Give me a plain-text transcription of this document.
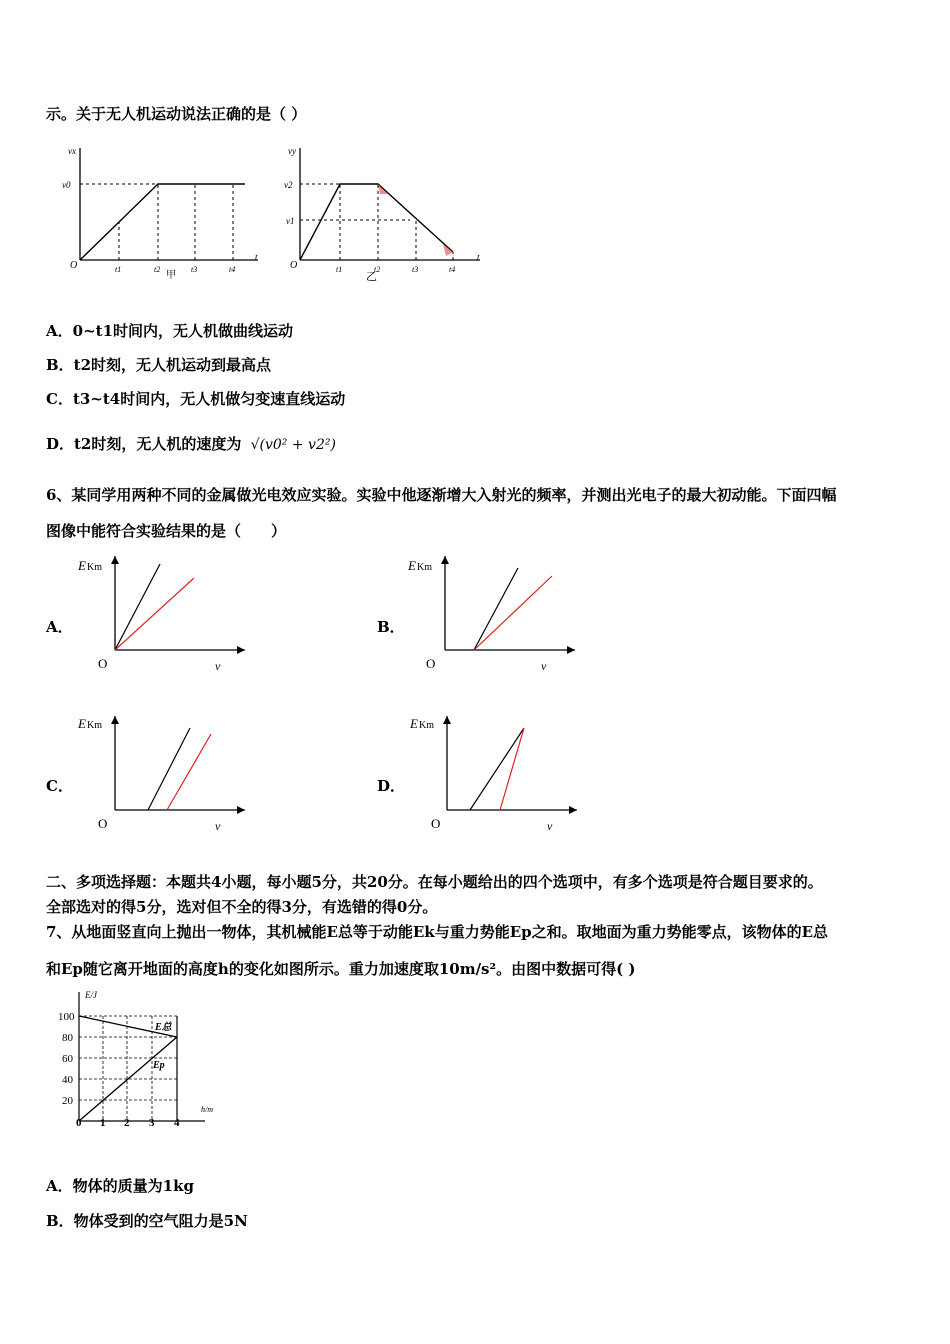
示。关于无人机运动说法正确的是（ ）
vx
v0
O
t
t1	t2	t3	t4
甲
vy
v2
v1
O
t
t1	t2	t3	t4
乙
A．0~t1时间内，无人机做曲线运动
B．t2时刻，无人机运动到最高点
C．t3~t4时间内，无人机做匀变速直线运动
D．t2时刻，无人机的速度为 √(v0² + v2²)
6、某同学用两种不同的金属做光电效应实验。实验中他逐渐增大入射光的频率，并测出光电子的最大初动能。下面四幅
图像中能符合实验结果的是（　　）
A．	B．
C．	D．
E Km
O	ν
E Km
O	ν
E Km
O	ν
E Km
O	ν
二、多项选择题：本题共4小题，每小题5分，共20分。在每小题给出的四个选项中，有多个选项是符合题目要求的。
全部选对的得5分，选对但不全的得3分，有选错的得0分。
7、从地面竖直向上抛出一物体，其机械能E总等于动能Ek与重力势能Ep之和。取地面为重力势能零点，该物体的E总
和Ep随它离开地面的高度h的变化如图所示。重力加速度取10m/s²。由图中数据可得( )
E/J
h/m
100
80
60
40
20
0 1 2 3 4
E总
Ep
A．物体的质量为1kg
B．物体受到的空气阻力是5N
